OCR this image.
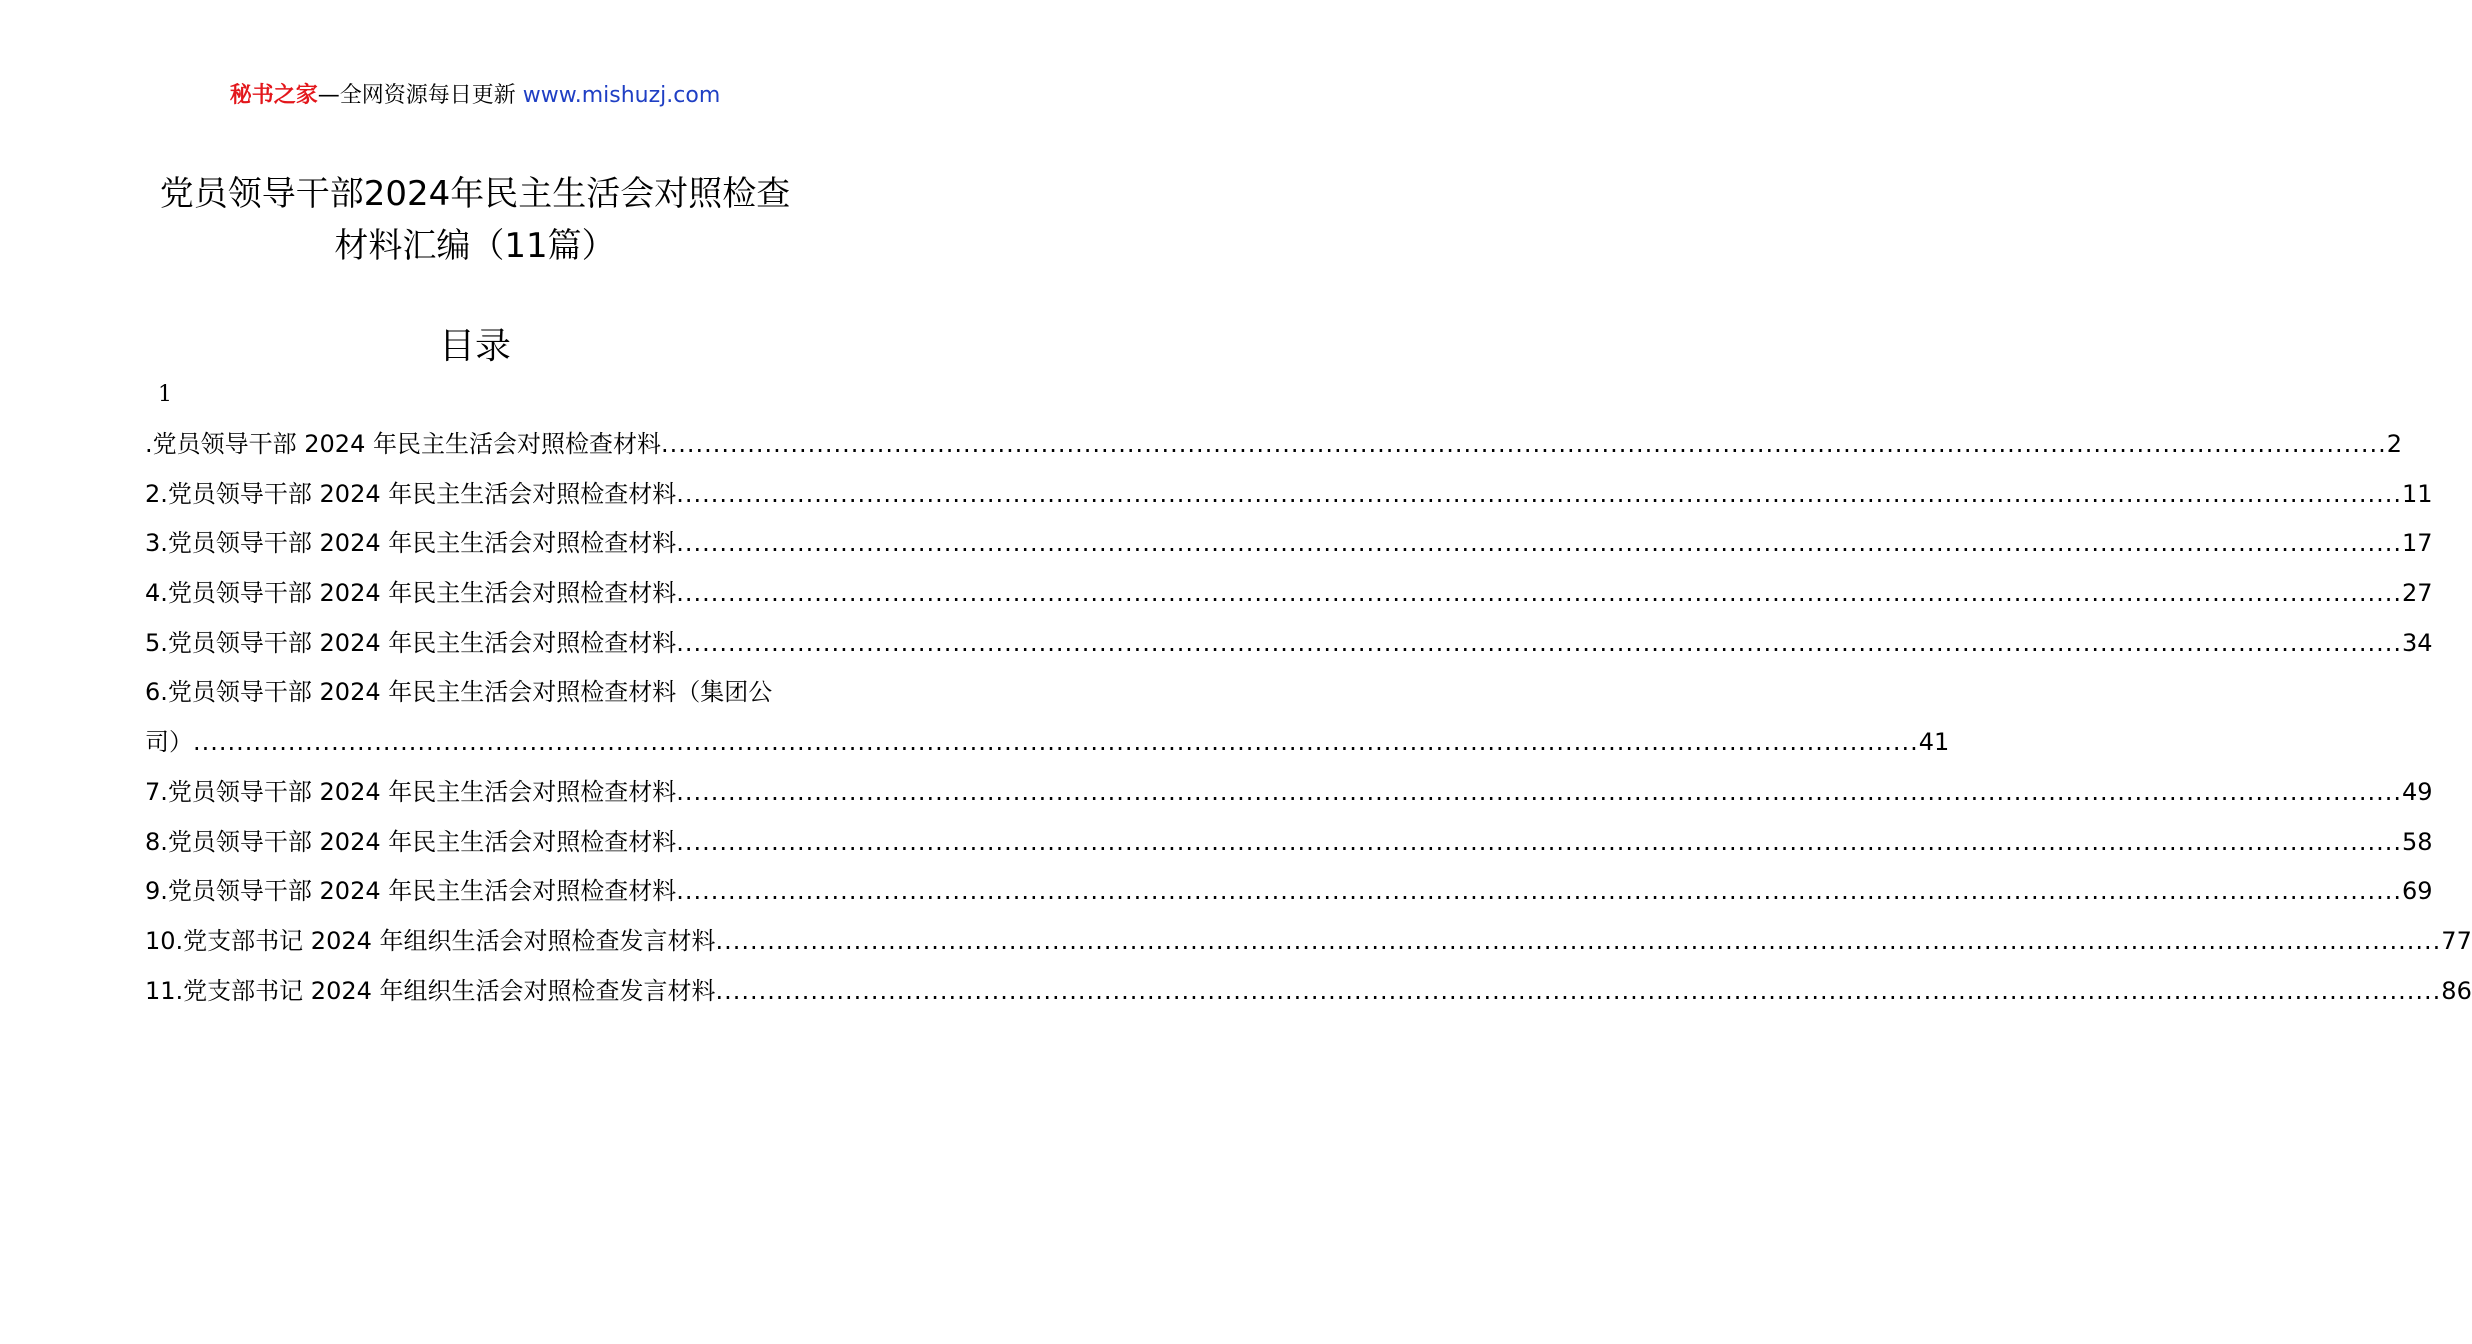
秘书之家—全网资源每日更新 www.mishuzj.com
党员领导干部2024年民主生活会对照检查
材料汇编（11篇）
目录
1
.党员领导干部 2024 年民主生活会对照检查材料 ........................................................................................................................................................................................................ 2
2.党员领导干部 2024 年民主生活会对照检查材料 ........................................................................................................................................................................................................ 11
3.党员领导干部 2024 年民主生活会对照检查材料 ........................................................................................................................................................................................................ 17
4.党员领导干部 2024 年民主生活会对照检查材料 ........................................................................................................................................................................................................ 27
5.党员领导干部 2024 年民主生活会对照检查材料 ........................................................................................................................................................................................................ 34
6.党员领导干部 2024 年民主生活会对照检查材料（集团公
司） ........................................................................................................................................................................................................ 41
7.党员领导干部 2024 年民主生活会对照检查材料 ........................................................................................................................................................................................................ 49
8.党员领导干部 2024 年民主生活会对照检查材料 ........................................................................................................................................................................................................ 58
9.党员领导干部 2024 年民主生活会对照检查材料 ........................................................................................................................................................................................................ 69
10.党支部书记 2024 年组织生活会对照检查发言材料 ........................................................................................................................................................................................................ 77
11.党支部书记 2024 年组织生活会对照检查发言材料 ........................................................................................................................................................................................................ 86
